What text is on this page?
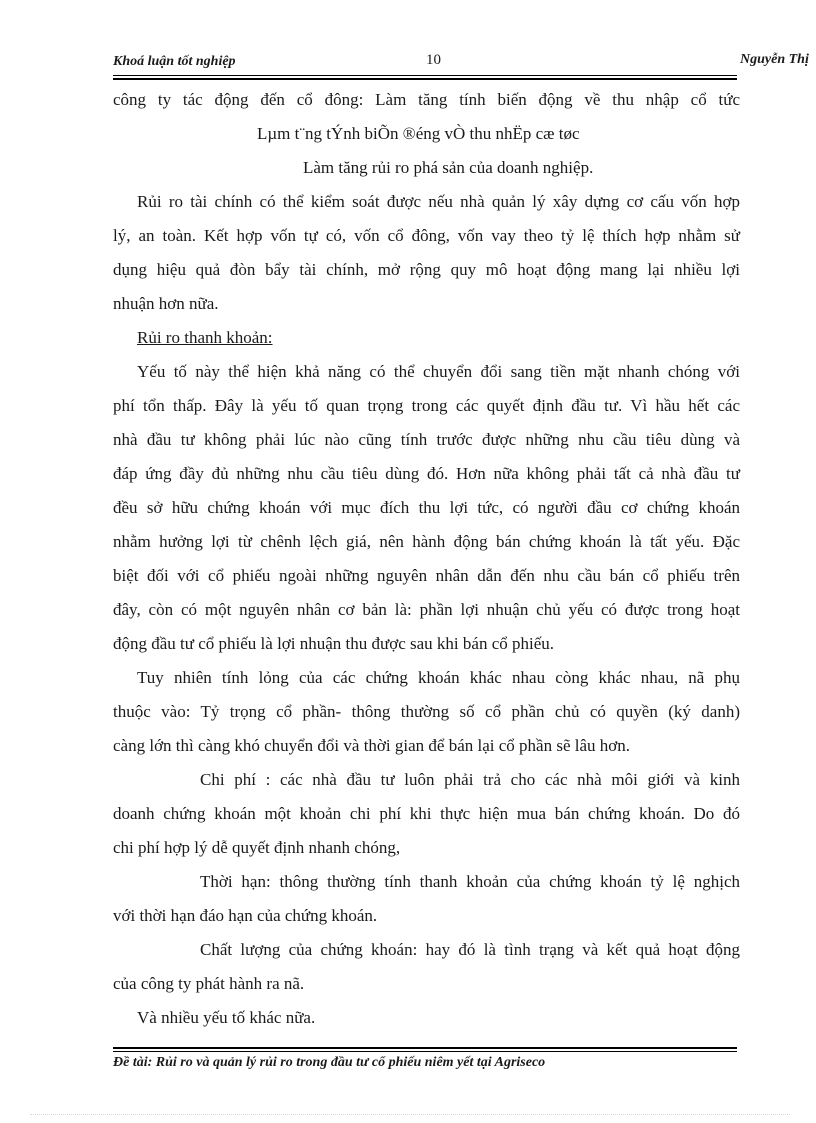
Khoá luận tốt nghiệp	10	Nguyễn Thị
công ty tác động đến cổ đông: Làm tăng tính biến động về thu nhập cổ tức
Lµm t¨ng tÝnh biÕn ®éng vÒ thu nhËp cæ tøc
Làm tăng rủi ro phá sản của doanh nghiệp.
Rủi ro tài chính có thể kiểm soát được nếu nhà quản lý xây dựng cơ cấu vốn hợp
lý, an toàn. Kết hợp vốn tự có, vốn cổ đông, vốn vay theo tỷ lệ thích hợp nhằm sử
dụng hiệu quả đòn bẩy tài chính, mở rộng quy mô hoạt động mang lại nhiều lợi
nhuận hơn nữa.
Rủi ro thanh khoản:
Yếu tố này thể hiện khả năng có thể chuyển đổi sang tiền mặt nhanh chóng với
phí tổn thấp. Đây là yếu tố quan trọng trong các quyết định đầu tư. Vì hầu hết các
nhà đầu tư không phải lúc nào cũng tính trước được những nhu cầu tiêu dùng và
đáp ứng đầy đủ những nhu cầu tiêu dùng đó. Hơn nữa không phải tất cả nhà đầu tư
đều sở hữu chứng khoán với mục đích thu lợi tức, có người đầu cơ chứng khoán
nhằm hưởng lợi từ chênh lệch giá, nên hành động bán chứng khoán là tất yếu. Đặc
biệt đối với cổ phiếu ngoài những nguyên nhân dẫn đến nhu cầu bán cổ phiếu trên
đây, còn có một nguyên nhân cơ bản là: phần lợi nhuận chủ yếu có được trong hoạt
động đầu tư cổ phiếu là lợi nhuận thu được sau khi bán cổ phiếu.
Tuy nhiên tính lỏng của các chứng khoán khác nhau còng khác nhau, nã phụ
thuộc vào: Tỷ trọng cổ phần- thông thường số cổ phần chủ có quyền (ký danh)
càng lớn thì càng khó chuyển đổi và thời gian để bán lại cổ phần sẽ lâu hơn.
Chi phí : các nhà đầu tư luôn phải trả cho các nhà môi giới và kinh
doanh chứng khoán một khoản chi phí khi thực hiện mua bán chứng khoán. Do đó
chi phí hợp lý dễ quyết định nhanh chóng,
Thời hạn: thông thường tính thanh khoản của chứng khoán tỷ lệ nghịch
với thời hạn đáo hạn của chứng khoán.
Chất lượng của chứng khoán: hay đó là tình trạng và kết quả hoạt động
của công ty phát hành ra nã.
Và nhiều yếu tố khác nữa.
Đề tài: Rủi ro và quản lý rủi ro trong đầu tư cổ phiếu niêm yết tại Agriseco
